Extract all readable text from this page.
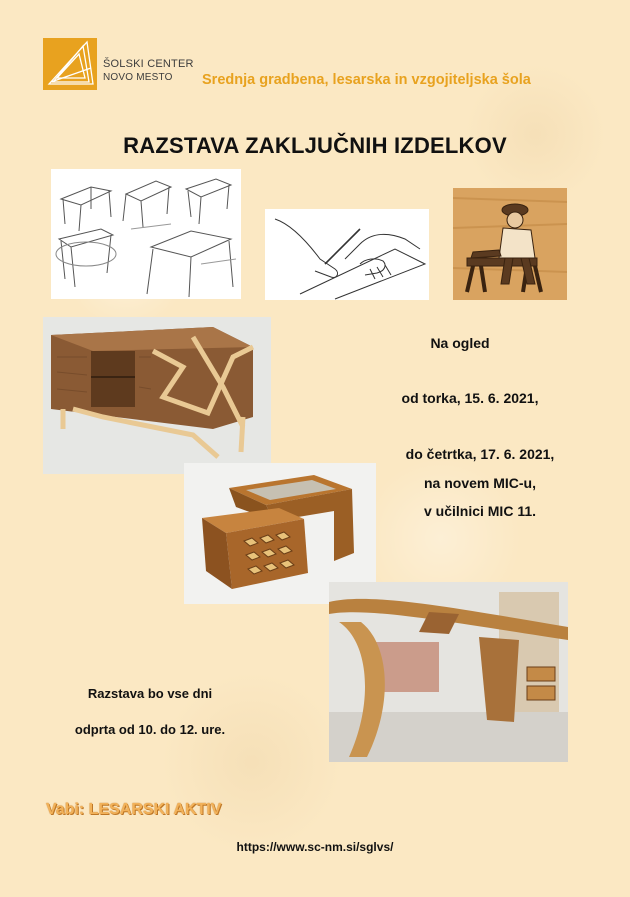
ŠOLSKI CENTER
NOVO MESTO Srednja gradbena, lesarska in vzgojiteljska šola
RAZSTAVA ZAKLJUČNIH IZDELKOV
Na ogled
od torka, 15. 6. 2021,
do četrtka, 17. 6. 2021,
na novem MIC-u,
v učilnici MIC 11.
Razstava bo vse dni
odprta od 10. do 12. ure.
Vabi: LESARSKI AKTIV
https://www.sc-nm.si/sglvs/
